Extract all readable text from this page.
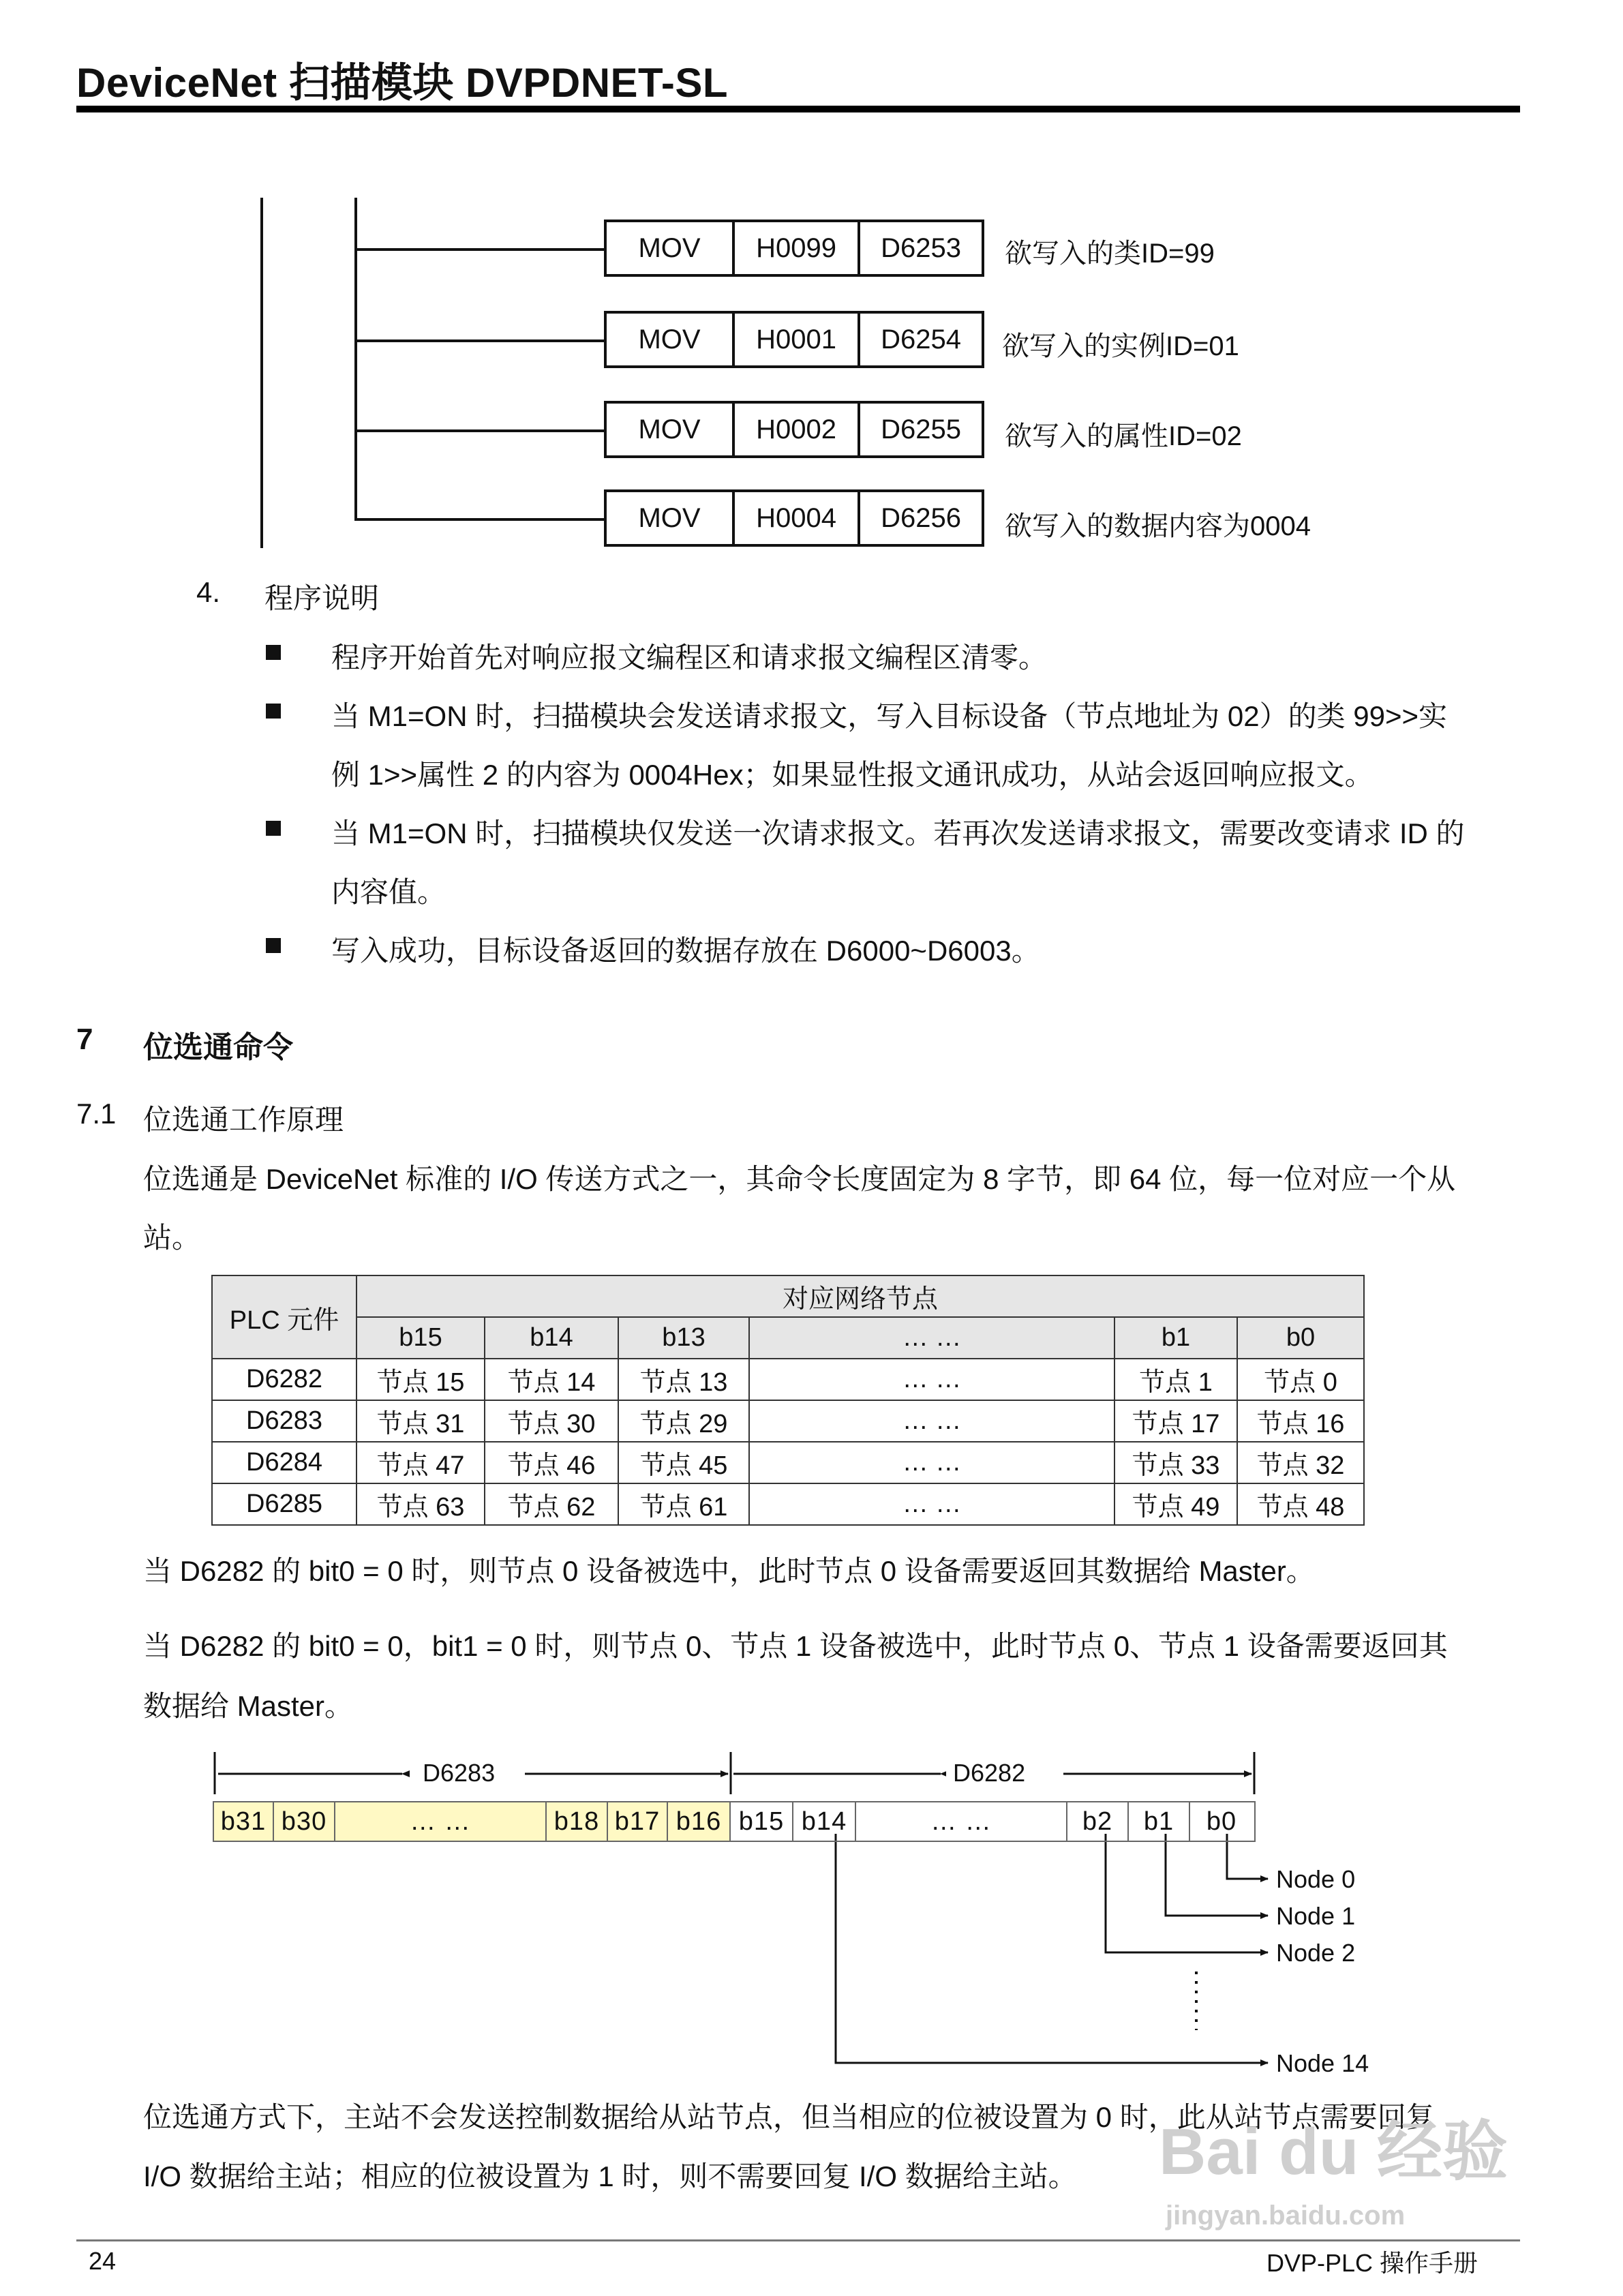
DeviceNet 扫描模块 DVPDNET-SL
MOV	H0099	D6253	欲写入的类ID=99
MOV	H0001	D6254	欲写入的实例ID=01
MOV	H0002	D6255	欲写入的属性ID=02
MOV	H0004	D6256	欲写入的数据内容为0004
4. 程序说明
程序开始首先对响应报文编程区和请求报文编程区清零。
当 M1=ON 时，扫描模块会发送请求报文，写入目标设备（节点地址为 02）的类 99>>实
例 1>>属性 2 的内容为 0004Hex；如果显性报文通讯成功，从站会返回响应报文。
当 M1=ON 时，扫描模块仅发送一次请求报文。若再次发送请求报文，需要改变请求 ID 的
内容值。
写入成功，目标设备返回的数据存放在 D6000~D6003。
7 位选通命令
7.1 位选通工作原理
位选通是 DeviceNet 标准的 I/O 传送方式之一，其命令长度固定为 8 字节，即 64 位，每一位对应一个从
站。
PLC 元件	对应网络节点					
	b15	b14	b13	… …	b1	b0
D6282	节点 15	节点 14	节点 13	… …	节点 1	节点 0
D6283	节点 31	节点 30	节点 29	… …	节点 17	节点 16
D6284	节点 47	节点 46	节点 45	… …	节点 33	节点 32
D6285	节点 63	节点 62	节点 61	… …	节点 49	节点 48
当 D6282 的 bit0 = 0 时，则节点 0 设备被选中，此时节点 0 设备需要返回其数据给 Master。
当 D6282 的 bit0 = 0，bit1 = 0 时，则节点 0、节点 1 设备被选中，此时节点 0、节点 1 设备需要返回其
数据给 Master。
D6283	D6282
b31 b30	… …	b18 b17 b16 b15 b14	… …	b2	b1	b0
Node 0
Node 1
Node 2
Node 14
位选通方式下，主站不会发送控制数据给从站节点，但当相应的位被设置为 0 时，此从站节点需要回复
I/O 数据给主站；相应的位被设置为 1 时，则不需要回复 I/O 数据给主站。 Bai du 经验
jingyan.baidu.com
24	DVP-PLC 操作手册
